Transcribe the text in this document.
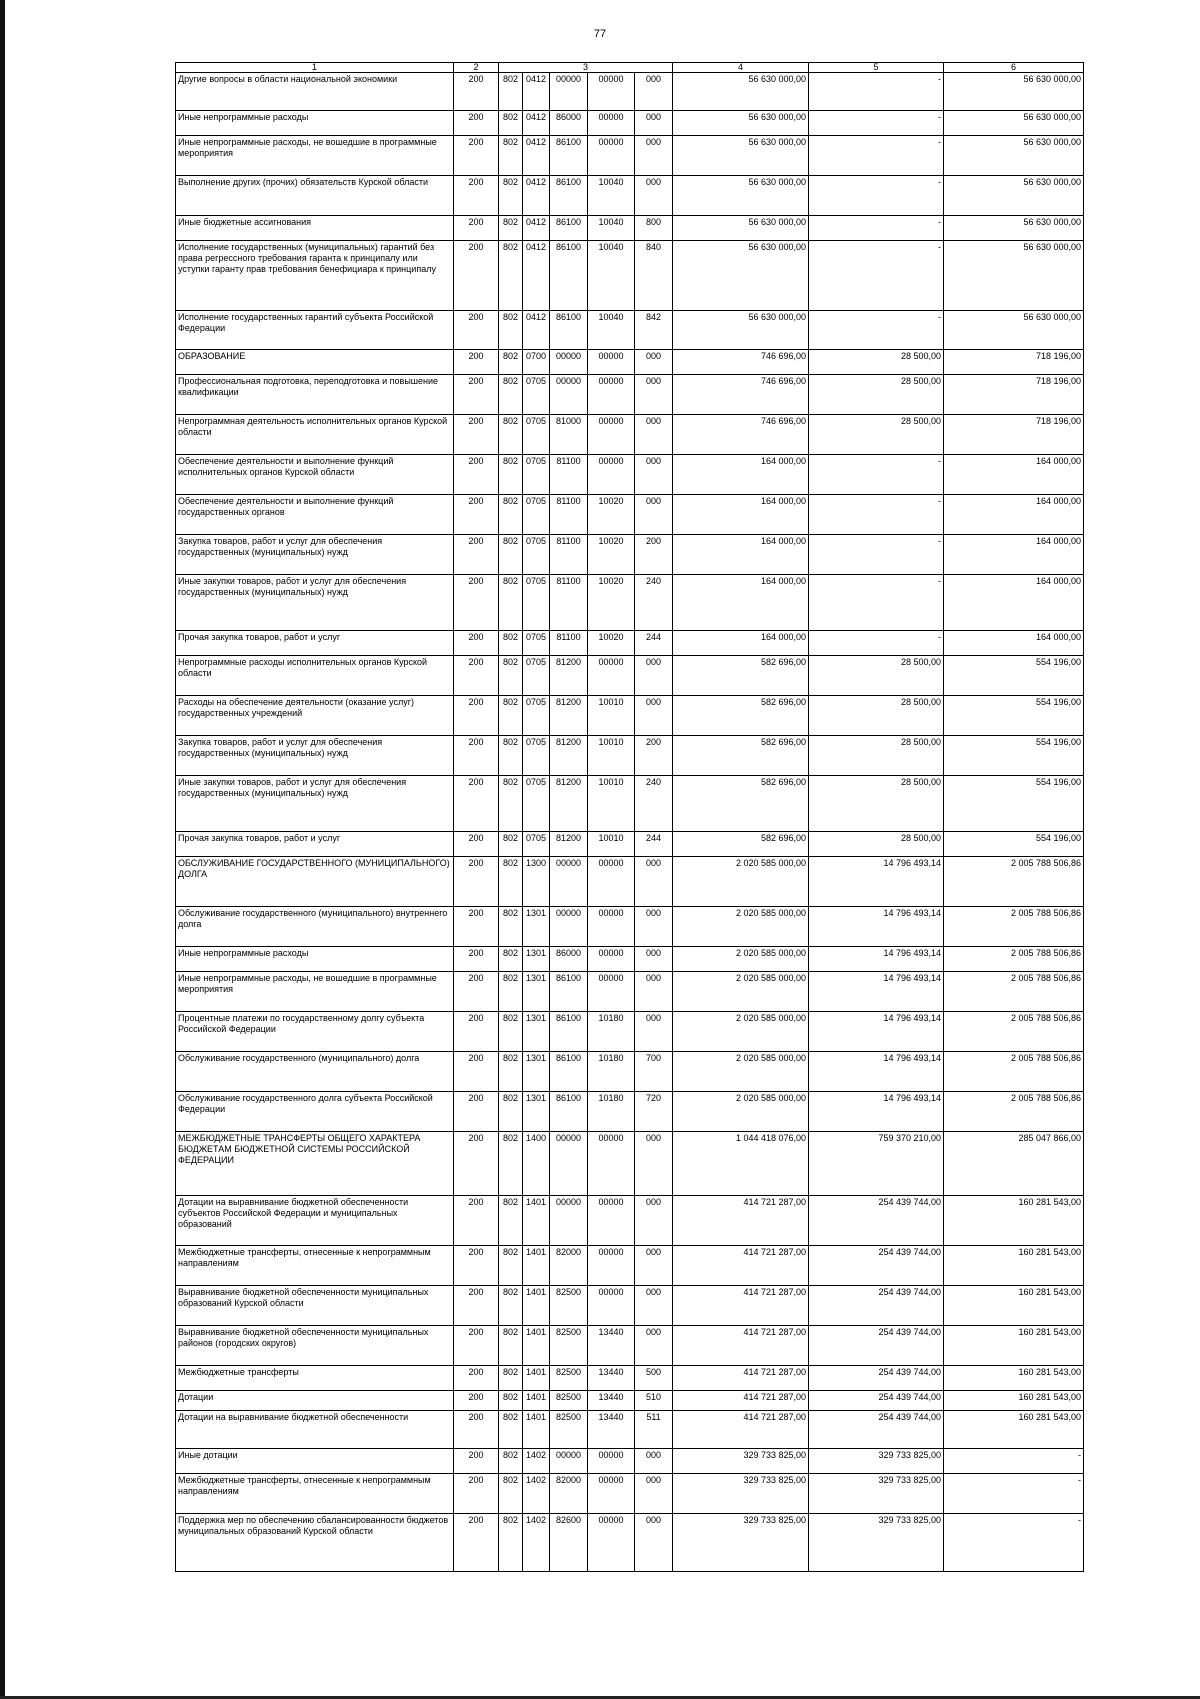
77
1	2	3					4	5	6
Другие вопросы в области национальной экономики	200	802	0412	00000	00000	000	56 630 000,00	-	56 630 000,00
Иные непрограммные расходы	200	802	0412	86000	00000	000	56 630 000,00	-	56 630 000,00
Иные непрограммные расходы, не вошедшие в программные мероприятия	200	802	0412	86100	00000	000	56 630 000,00	-	56 630 000,00
Выполнение других (прочих) обязательств Курской области	200	802	0412	86100	10040	000	56 630 000,00	-	56 630 000,00
Иные бюджетные ассигнования	200	802	0412	86100	10040	800	56 630 000,00	-	56 630 000,00
Исполнение государственных (муниципальных) гарантий без права регрессного требования гаранта к принципалу или уступки гаранту прав требования бенефициара к принципалу	200	802	0412	86100	10040	840	56 630 000,00	-	56 630 000,00
Исполнение государственных гарантий субъекта Российской Федерации	200	802	0412	86100	10040	842	56 630 000,00	-	56 630 000,00
ОБРАЗОВАНИЕ	200	802	0700	00000	00000	000	746 696,00	28 500,00	718 196,00
Профессиональная подготовка, переподготовка и повышение квалификации	200	802	0705	00000	00000	000	746 696,00	28 500,00	718 196,00
Непрограммная деятельность исполнительных органов Курской области	200	802	0705	81000	00000	000	746 696,00	28 500,00	718 196,00
Обеспечение деятельности и выполнение функций исполнительных органов Курской области	200	802	0705	81100	00000	000	164 000,00	-	164 000,00
Обеспечение деятельности и выполнение функций государственных органов	200	802	0705	81100	10020	000	164 000,00	-	164 000,00
Закупка товаров, работ и услуг для обеспечения государственных (муниципальных) нужд	200	802	0705	81100	10020	200	164 000,00	-	164 000,00
Иные закупки товаров, работ и услуг для обеспечения государственных (муниципальных) нужд	200	802	0705	81100	10020	240	164 000,00	-	164 000,00
Прочая закупка товаров, работ и услуг	200	802	0705	81100	10020	244	164 000,00	-	164 000,00
Непрограммные расходы исполнительных органов Курской области	200	802	0705	81200	00000	000	582 696,00	28 500,00	554 196,00
Расходы на обеспечение деятельности (оказание услуг) государственных учреждений	200	802	0705	81200	10010	000	582 696,00	28 500,00	554 196,00
Закупка товаров, работ и услуг для обеспечения государственных (муниципальных) нужд	200	802	0705	81200	10010	200	582 696,00	28 500,00	554 196,00
Иные закупки товаров, работ и услуг для обеспечения государственных (муниципальных) нужд	200	802	0705	81200	10010	240	582 696,00	28 500,00	554 196,00
Прочая закупка товаров, работ и услуг	200	802	0705	81200	10010	244	582 696,00	28 500,00	554 196,00
ОБСЛУЖИВАНИЕ ГОСУДАРСТВЕННОГО (МУНИЦИПАЛЬНОГО) ДОЛГА	200	802	1300	00000	00000	000	2 020 585 000,00	14 796 493,14	2 005 788 506,86
Обслуживание государственного (муниципального) внутреннего долга	200	802	1301	00000	00000	000	2 020 585 000,00	14 796 493,14	2 005 788 506,86
Иные непрограммные расходы	200	802	1301	86000	00000	000	2 020 585 000,00	14 796 493,14	2 005 788 506,86
Иные непрограммные расходы, не вошедшие в программные мероприятия	200	802	1301	86100	00000	000	2 020 585 000,00	14 796 493,14	2 005 788 506,86
Процентные платежи по государственному долгу субъекта Российской Федерации	200	802	1301	86100	10180	000	2 020 585 000,00	14 796 493,14	2 005 788 506,86
Обслуживание государственного (муниципального) долга	200	802	1301	86100	10180	700	2 020 585 000,00	14 796 493,14	2 005 788 506,86
Обслуживание государственного долга субъекта Российской Федерации	200	802	1301	86100	10180	720	2 020 585 000,00	14 796 493,14	2 005 788 506,86
МЕЖБЮДЖЕТНЫЕ ТРАНСФЕРТЫ ОБЩЕГО ХАРАКТЕРА БЮДЖЕТАМ БЮДЖЕТНОЙ СИСТЕМЫ РОССИЙСКОЙ ФЕДЕРАЦИИ	200	802	1400	00000	00000	000	1 044 418 076,00	759 370 210,00	285 047 866,00
Дотации на выравнивание бюджетной обеспеченности субъектов Российской Федерации и муниципальных образований	200	802	1401	00000	00000	000	414 721 287,00	254 439 744,00	160 281 543,00
Межбюджетные трансферты, отнесенные к непрограммным направлениям	200	802	1401	82000	00000	000	414 721 287,00	254 439 744,00	160 281 543,00
Выравнивание бюджетной обеспеченности муниципальных образований Курской области	200	802	1401	82500	00000	000	414 721 287,00	254 439 744,00	160 281 543,00
Выравнивание бюджетной обеспеченности муниципальных районов (городских округов)	200	802	1401	82500	13440	000	414 721 287,00	254 439 744,00	160 281 543,00
Межбюджетные трансферты	200	802	1401	82500	13440	500	414 721 287,00	254 439 744,00	160 281 543,00
Дотации	200	802	1401	82500	13440	510	414 721 287,00	254 439 744,00	160 281 543,00
Дотации на выравнивание бюджетной обеспеченности	200	802	1401	82500	13440	511	414 721 287,00	254 439 744,00	160 281 543,00
Иные дотации	200	802	1402	00000	00000	000	329 733 825,00	329 733 825,00	-
Межбюджетные трансферты, отнесенные к непрограммным направлениям	200	802	1402	82000	00000	000	329 733 825,00	329 733 825,00	-
Поддержка мер по обеспечению сбалансированности бюджетов муниципальных образований Курской области	200	802	1402	82600	00000	000	329 733 825,00	329 733 825,00	-
